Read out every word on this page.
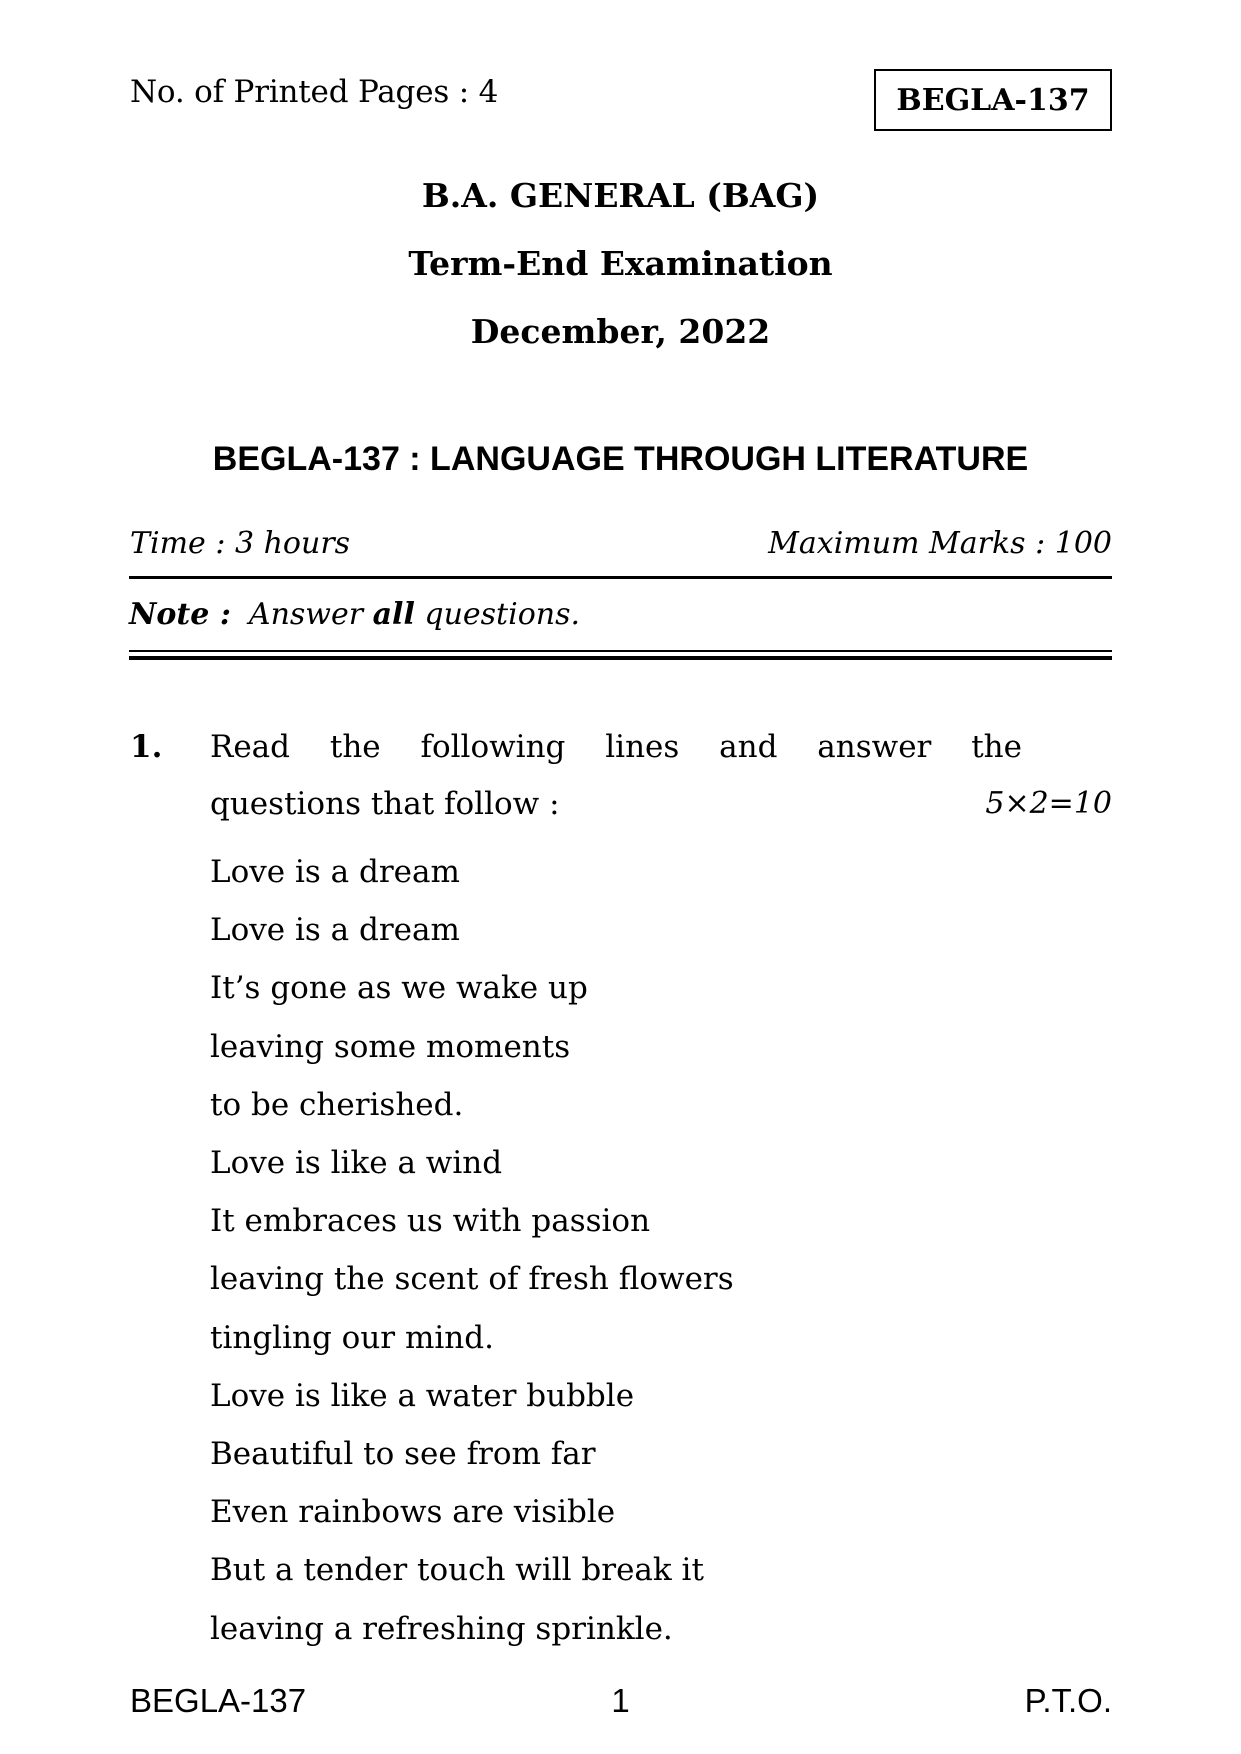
No. of Printed Pages : 4	BEGLA-137
B.A. GENERAL (BAG)
Term-End Examination
December, 2022
BEGLA-137 : LANGUAGE THROUGH LITERATURE
Time : 3 hours	Maximum Marks : 100
Note : Answer all questions.
1. Read the following lines and answer the
questions that follow :	5×2=10
Love is a dream
Love is a dream
It’s gone as we wake up
leaving some moments
to be cherished.
Love is like a wind
It embraces us with passion
leaving the scent of fresh flowers
tingling our mind.
Love is like a water bubble
Beautiful to see from far
Even rainbows are visible
But a tender touch will break it
leaving a refreshing sprinkle.
BEGLA-137	1	P.T.O.
